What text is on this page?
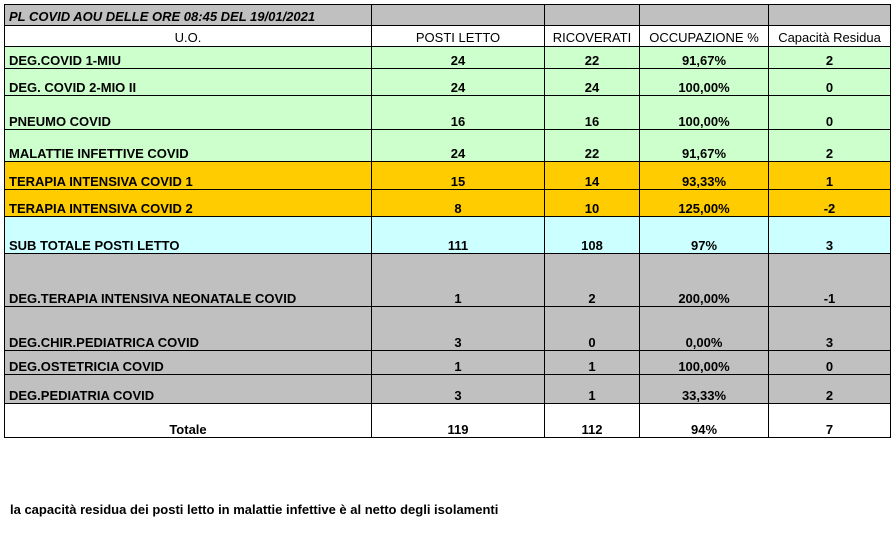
PL COVID AOU DELLE ORE 08:45 DEL 19/01/2021				
U.O.	POSTI LETTO	RICOVERATI	OCCUPAZIONE %	Capacità Residua
DEG.COVID 1-MIU	24	22	91,67%	2
DEG. COVID 2-MIO II	24	24	100,00%	0
PNEUMO COVID	16	16	100,00%	0
MALATTIE INFETTIVE COVID	24	22	91,67%	2
TERAPIA INTENSIVA COVID 1	15	14	93,33%	1
TERAPIA INTENSIVA COVID 2	8	10	125,00%	-2
SUB TOTALE POSTI LETTO	111	108	97%	3
DEG.TERAPIA INTENSIVA NEONATALE COVID	1	2	200,00%	-1
DEG.CHIR.PEDIATRICA COVID	3	0	0,00%	3
DEG.OSTETRICIA COVID	1	1	100,00%	0
DEG.PEDIATRIA COVID	3	1	33,33%	2
Totale	119	112	94%	7
la capacità residua dei posti letto in malattie infettive è al netto degli isolamenti
